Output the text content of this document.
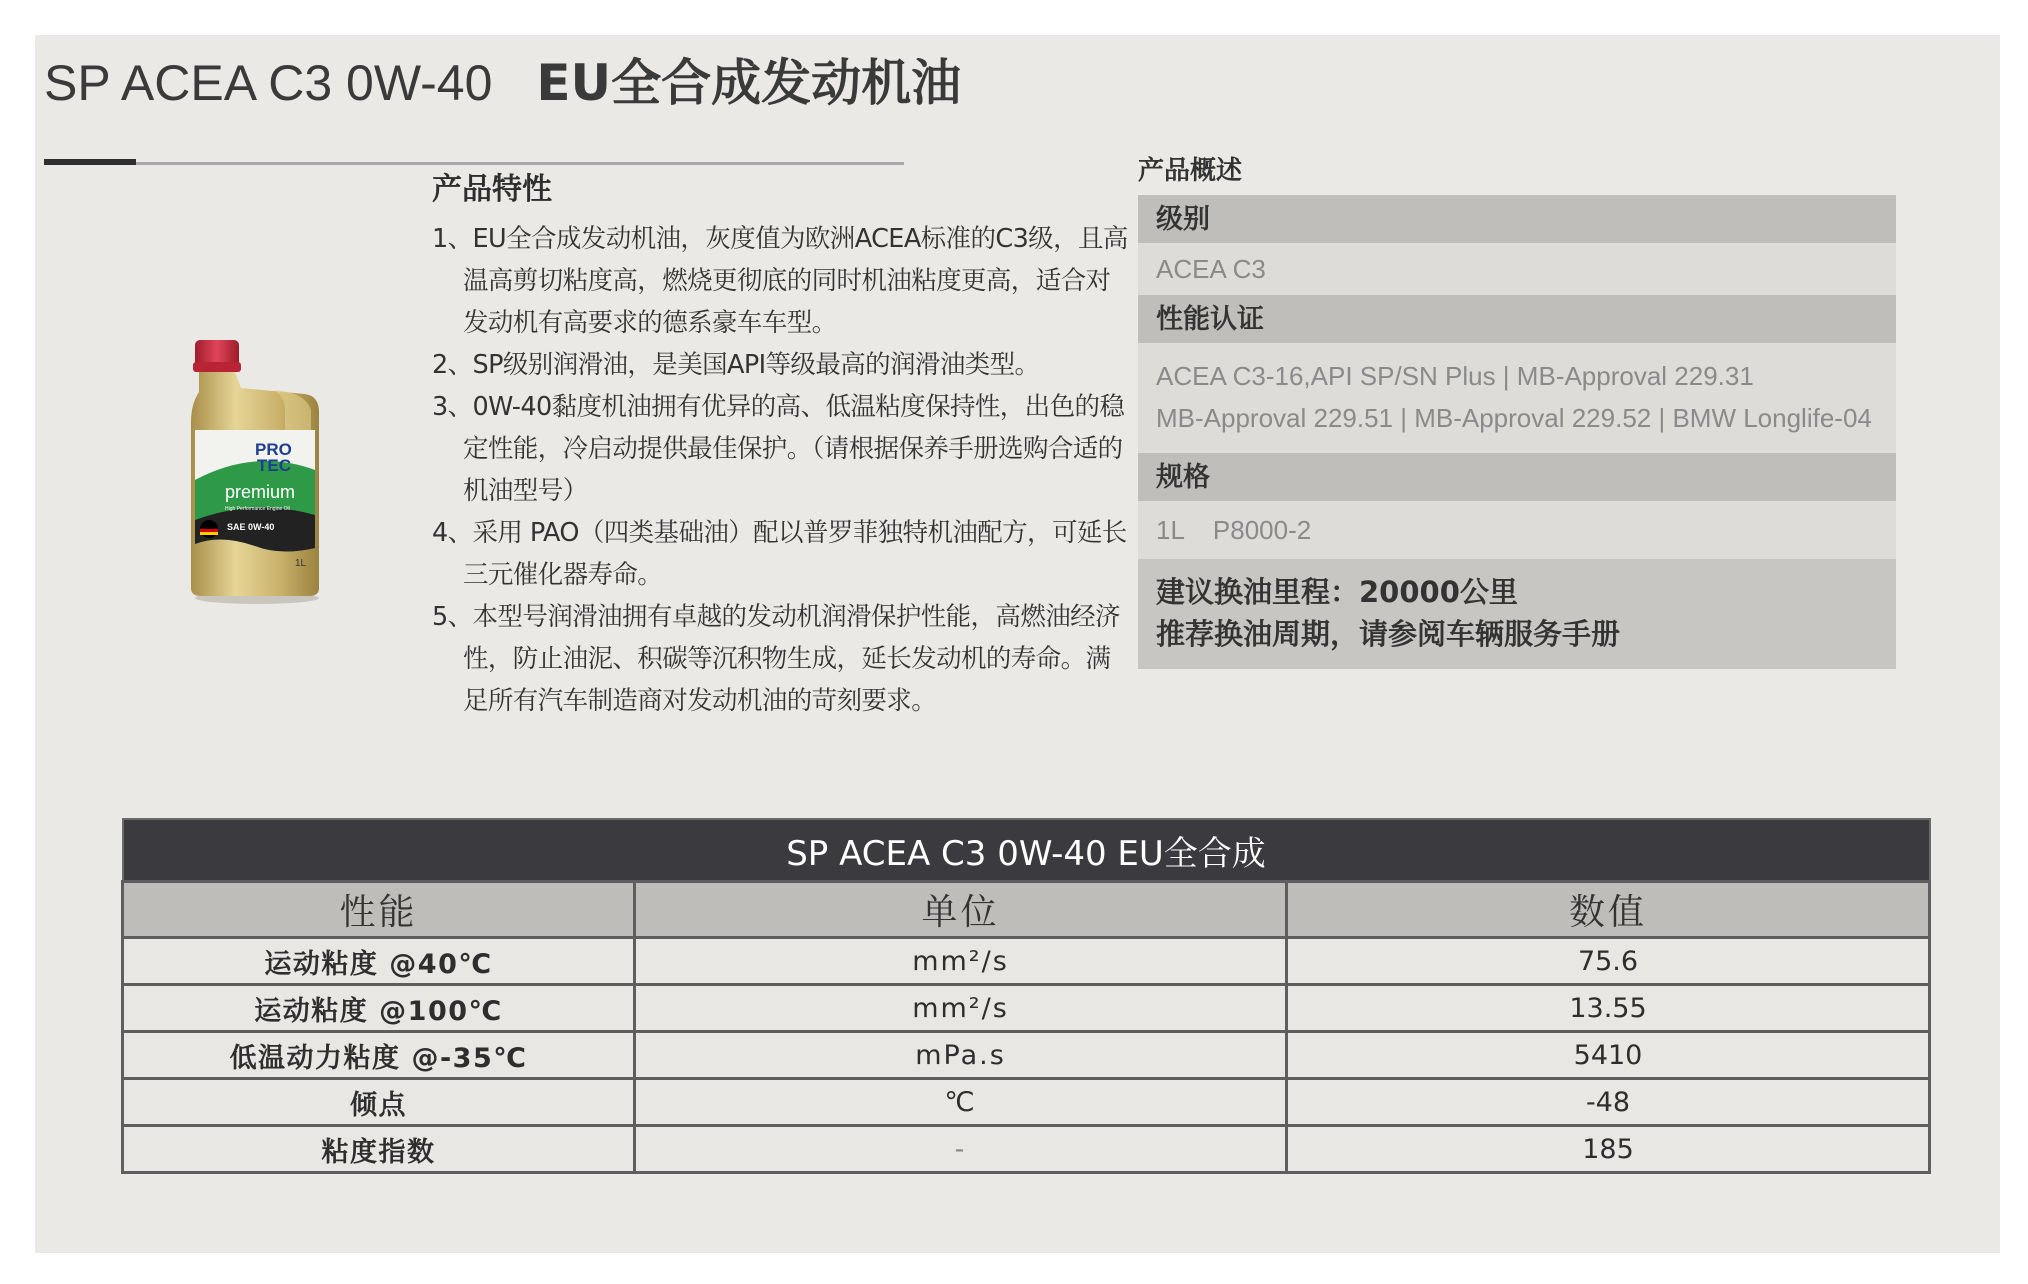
SP ACEA C3 0W-40 EU全合成发动机油
PRO
TEC
premium
High Performance Engine Oil
SAE 0W-40
1L
产品特性
1、EU全合成发动机油，灰度值为欧洲ACEA标准的C3级，且高温高剪切粘度高，燃烧更彻底的同时机油粘度更高，适合对发动机有高要求的德系豪车车型。
2、SP级别润滑油，是美国API等级最高的润滑油类型。
3、0W-40黏度机油拥有优异的高、低温粘度保持性，出色的稳定性能，冷启动提供最佳保护。（请根据保养手册选购合适的机油型号）
4、采用 PAO（四类基础油）配以普罗菲独特机油配方，可延长三元催化器寿命。
5、本型号润滑油拥有卓越的发动机润滑保护性能，高燃油经济性，防止油泥、积碳等沉积物生成，延长发动机的寿命。满足所有汽车制造商对发动机油的苛刻要求。
产品概述
级别
ACEA C3
性能认证
ACEA C3-16,API SP/SN Plus | MB-Approval 229.31
MB-Approval 229.51 | MB-Approval 229.52 | BMW Longlife-04
规格
1L P8000-2
建议换油里程：20000公里
推荐换油周期，请参阅车辆服务手册
SP ACEA C3 0W-40 EU全合成		
性能	单位	数值
运动粘度 @40℃	mm²/s	75.6
运动粘度 @100℃	mm²/s	13.55
低温动力粘度 @-35℃	mPa.s	5410
倾点	℃	-48
粘度指数	-	185
